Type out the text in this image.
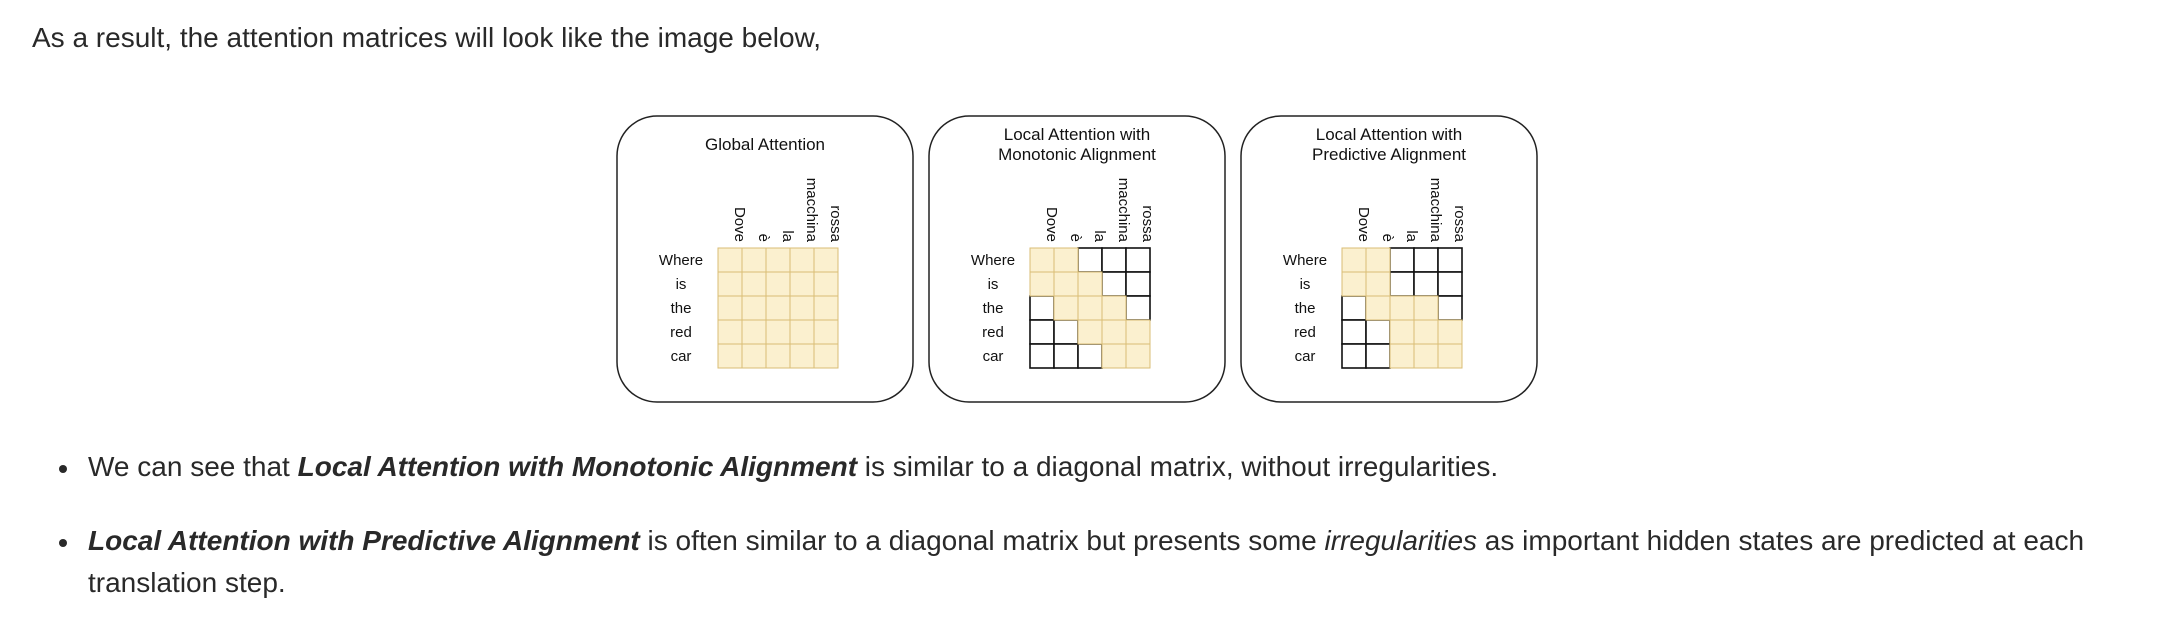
As a result, the attention matrices will look like the image below,

Global Attention
Dove è la macchina rossa
Where
is
the
red
car
Local Attention with
Monotonic Alignment
Dove è la macchina rossa
Where
is
the
red
car
Local Attention with
Predictive Alignment
Dove è la macchina rossa
Where
is
the
red
car
We can see that Local Attention with Monotonic Alignment is similar to a diagonal matrix, without irregularities.
Local Attention with Predictive Alignment is often similar to a diagonal matrix but presents some irregularities as important hidden states are predicted at each translation step.
